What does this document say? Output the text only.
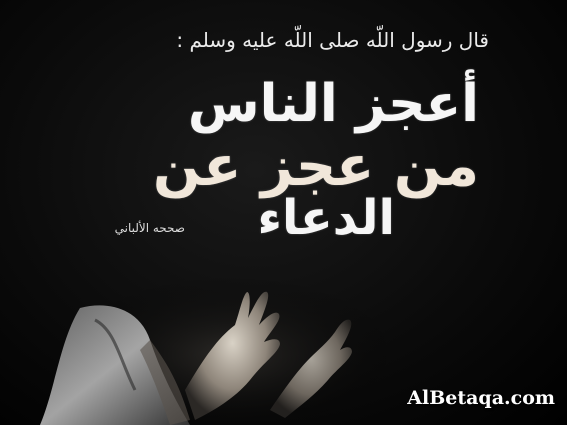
قال رسول اللّه صلى اللّه عليه وسلم :
أعجز الناس
من عجز عن
الدعاء
صححه الألباني
AlBetaqa.com
